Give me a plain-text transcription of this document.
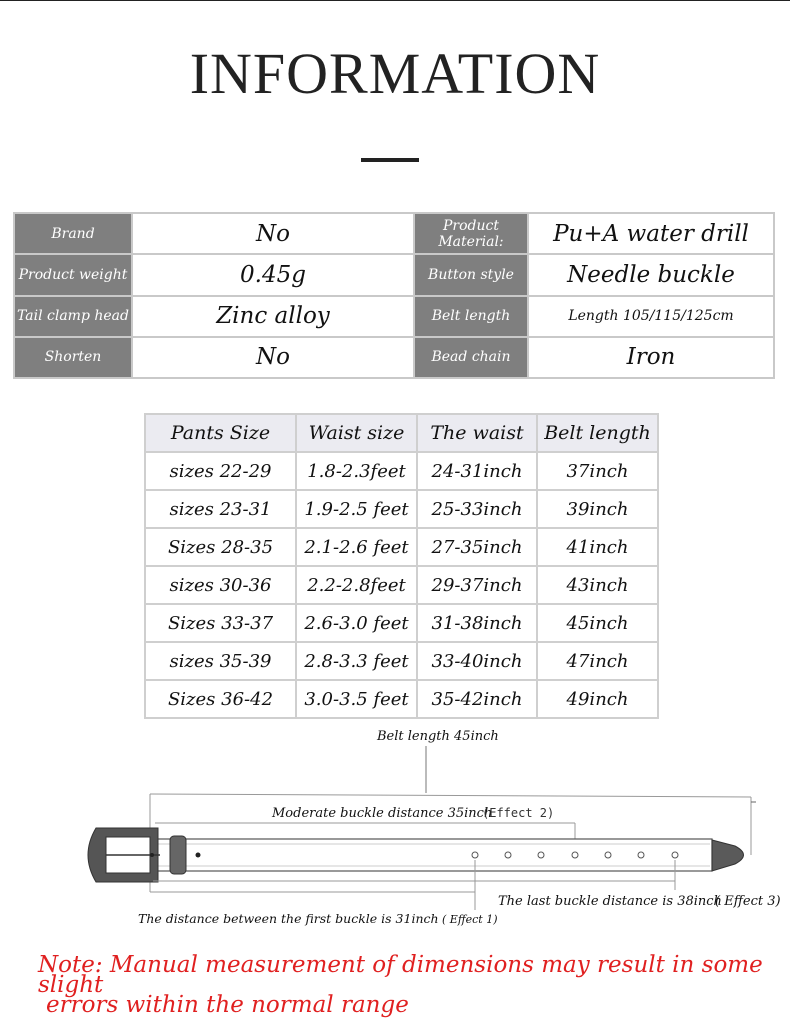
INFORMATION
Brand	No	Product Material:	Pu+A water drill
Product weight	0.45g	Button style	Needle buckle
Tail clamp head	Zinc alloy	Belt length	Length 105/115/125cm
Shorten	No	Bead chain	Iron
Pants Size	Waist size	The waist	Belt length
sizes 22-29	1.8-2.3feet	24-31inch	37inch
sizes 23-31	1.9-2.5 feet	25-33inch	39inch
Sizes 28-35	2.1-2.6 feet	27-35inch	41inch
sizes 30-36	2.2-2.8feet	29-37inch	43inch
Sizes 33-37	2.6-3.0 feet	31-38inch	45inch
sizes 35-39	2.8-3.3 feet	33-40inch	47inch
Sizes 36-42	3.0-3.5 feet	35-42inch	49inch
Belt length 45inch
Moderate buckle distance 35inch
(Effect 2)
The last buckle distance is 38inch
( Effect 3)
The distance between the first buckle is 31inch ( Effect 1)
Note: Manual measurement of dimensions may result in some slight
errors within the normal range
